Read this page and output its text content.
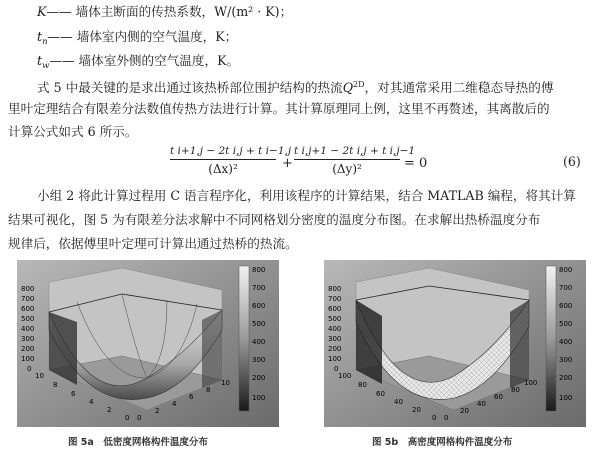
K—— 墙体主断面的传热系数，W/(m² · K)；
$t_n——$ 墙体室内侧的空气温度，K；
$t_w——$ 墙体室外侧的空气温度，K。
式 5 中最关键的是求出通过该热桥部位围护结构的热流$Q^{2D}$，对其通常采用二维稳态导热的傅
里叶定理结合有限差分法数值传热方法进行计算。其计算原理同上例，这里不再赘述，其离散后的
计算公式如式 6 所示。
t i+1,j − 2t i,j + t i−1,j
(Δx)²	+
t i,j+1 − 2t i,j + t i,j−1
(Δy)²	= 0	(6)
小组 2 将此计算过程用 C 语言程序化，利用该程序的计算结果，结合 MATLAB 编程，将其计算
结果可视化，图 5 为有限差分法求解中不同网格划分密度的温度分布图。在求解出热桥温度分布
规律后，依据傅里叶定理可计算出通过热桥的热流。
800
700
600
500
400
300
200
100
0
10
8
6
4
2
0 0
2
4
6
8
10
800
700
600
500
400
300
200
100
图 5a　低密度网格构件温度分布
800
700
600
500
400
300
200
100
0
100
80
60
40
20
0 0
20
40
60
80
100
800
700
600
500
400
300
200
100
图 5b　高密度网格构件温度分布
